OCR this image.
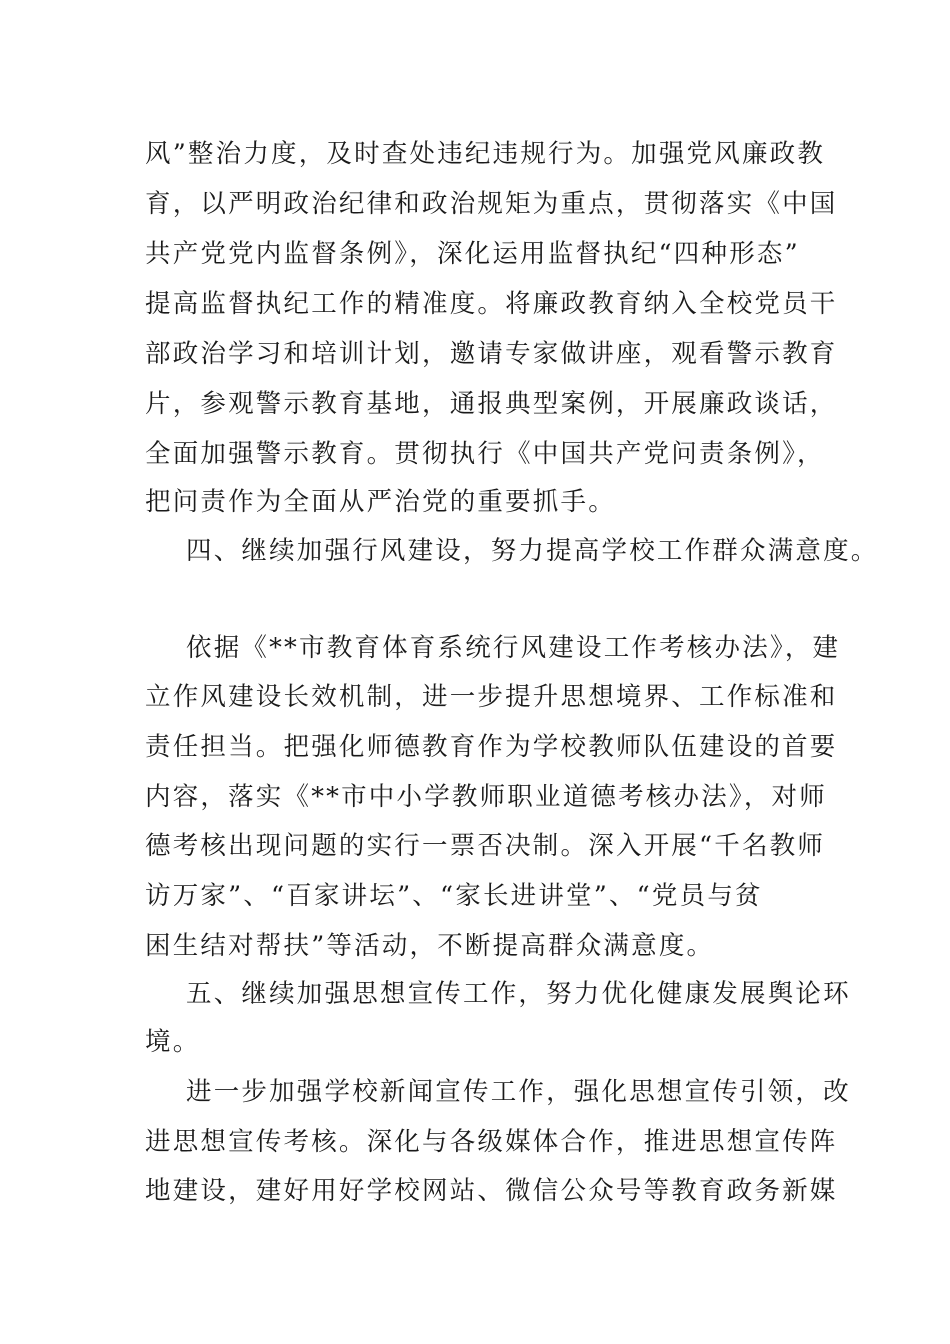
风”整治力度，及时查处违纪违规行为。加强党风廉政教

育，以严明政治纪律和政治规矩为重点，贯彻落实《中国

共产党党内监督条例》，深化运用监督执纪“四种形态”

提高监督执纪工作的精准度。将廉政教育纳入全校党员干

部政治学习和培训计划，邀请专家做讲座，观看警示教育

片，参观警示教育基地，通报典型案例，开展廉政谈话，

全面加强警示教育。贯彻执行《中国共产党问责条例》，

把问责作为全面从严治党的重要抓手。

四、继续加强行风建设，努力提高学校工作群众满意度。

依据《**市教育体育系统行风建设工作考核办法》，建

立作风建设长效机制，进一步提升思想境界、工作标准和

责任担当。把强化师德教育作为学校教师队伍建设的首要

内容，落实《**市中小学教师职业道德考核办法》，对师

德考核出现问题的实行一票否决制。深入开展“千名教师

访万家”、“百家讲坛”、“家长进讲堂”、“党员与贫

困生结对帮扶”等活动，不断提高群众满意度。

五、继续加强思想宣传工作，努力优化健康发展舆论环

境。

进一步加强学校新闻宣传工作，强化思想宣传引领，改

进思想宣传考核。深化与各级媒体合作，推进思想宣传阵

地建设，建好用好学校网站、微信公众号等教育政务新媒
